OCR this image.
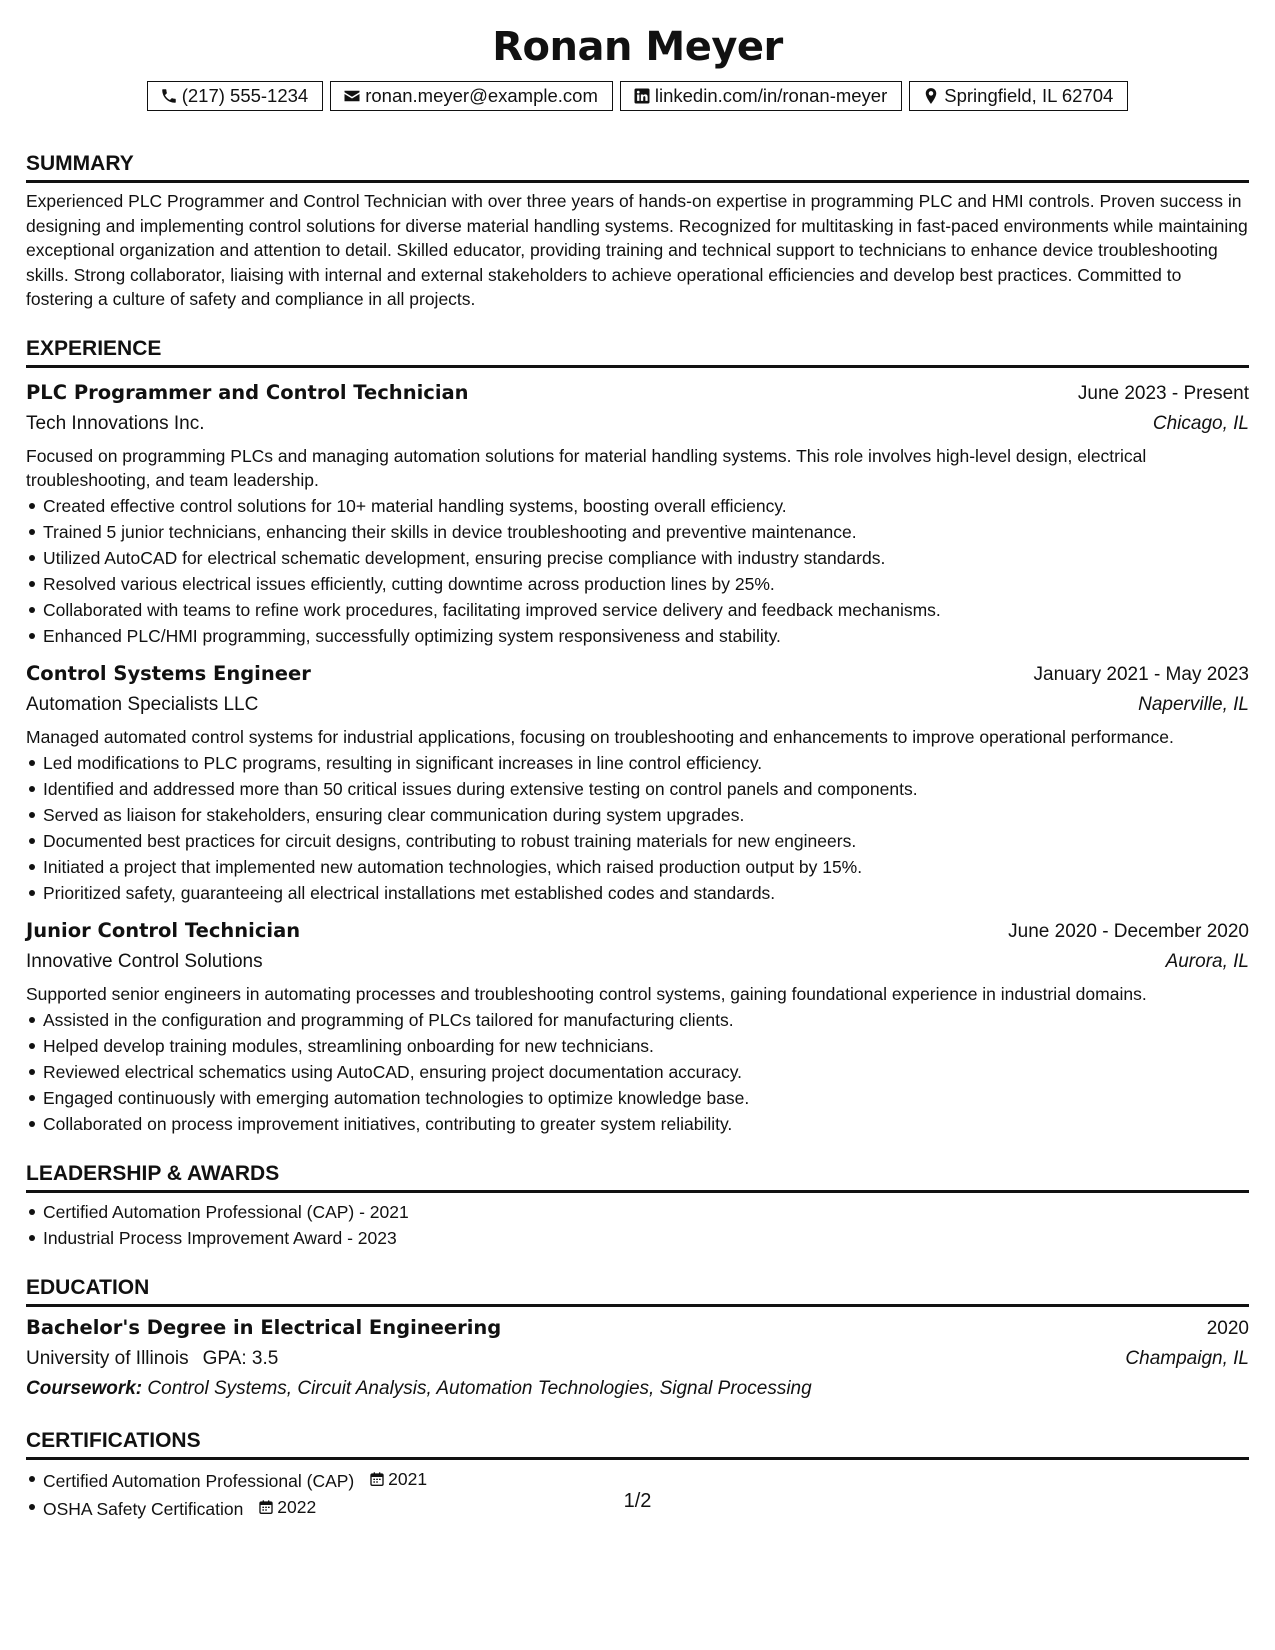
Ronan Meyer
(217) 555-1234	ronan.meyer@example.com	linkedin.com/in/ronan-meyer	Springfield, IL 62704
SUMMARY
Experienced PLC Programmer and Control Technician with over three years of hands-on expertise in programming PLC and HMI controls. Proven success in designing and implementing control solutions for diverse material handling systems. Recognized for multitasking in fast-paced environments while maintaining exceptional organization and attention to detail. Skilled educator, providing training and technical support to technicians to enhance device troubleshooting skills. Strong collaborator, liaising with internal and external stakeholders to achieve operational efficiencies and develop best practices. Committed to fostering a culture of safety and compliance in all projects.
EXPERIENCE
PLC Programmer and Control Technician	June 2023 - Present
Tech Innovations Inc.	Chicago, IL
Focused on programming PLCs and managing automation solutions for material handling systems. This role involves high-level design, electrical troubleshooting, and team leadership.
Created effective control solutions for 10+ material handling systems, boosting overall efficiency.
Trained 5 junior technicians, enhancing their skills in device troubleshooting and preventive maintenance.
Utilized AutoCAD for electrical schematic development, ensuring precise compliance with industry standards.
Resolved various electrical issues efficiently, cutting downtime across production lines by 25%.
Collaborated with teams to refine work procedures, facilitating improved service delivery and feedback mechanisms.
Enhanced PLC/HMI programming, successfully optimizing system responsiveness and stability.
Control Systems Engineer	January 2021 - May 2023
Automation Specialists LLC	Naperville, IL
Managed automated control systems for industrial applications, focusing on troubleshooting and enhancements to improve operational performance.
Led modifications to PLC programs, resulting in significant increases in line control efficiency.
Identified and addressed more than 50 critical issues during extensive testing on control panels and components.
Served as liaison for stakeholders, ensuring clear communication during system upgrades.
Documented best practices for circuit designs, contributing to robust training materials for new engineers.
Initiated a project that implemented new automation technologies, which raised production output by 15%.
Prioritized safety, guaranteeing all electrical installations met established codes and standards.
Junior Control Technician	June 2020 - December 2020
Innovative Control Solutions	Aurora, IL
Supported senior engineers in automating processes and troubleshooting control systems, gaining foundational experience in industrial domains.
Assisted in the configuration and programming of PLCs tailored for manufacturing clients.
Helped develop training modules, streamlining onboarding for new technicians.
Reviewed electrical schematics using AutoCAD, ensuring project documentation accuracy.
Engaged continuously with emerging automation technologies to optimize knowledge base.
Collaborated on process improvement initiatives, contributing to greater system reliability.
LEADERSHIP & AWARDS
Certified Automation Professional (CAP) - 2021
Industrial Process Improvement Award - 2023
EDUCATION
Bachelor's Degree in Electrical Engineering	2020
University of Illinois GPA: 3.5	Champaign, IL
Coursework: Control Systems, Circuit Analysis, Automation Technologies, Signal Processing
CERTIFICATIONS
Certified Automation Professional (CAP) 2021
OSHA Safety Certification 2022	1/2
